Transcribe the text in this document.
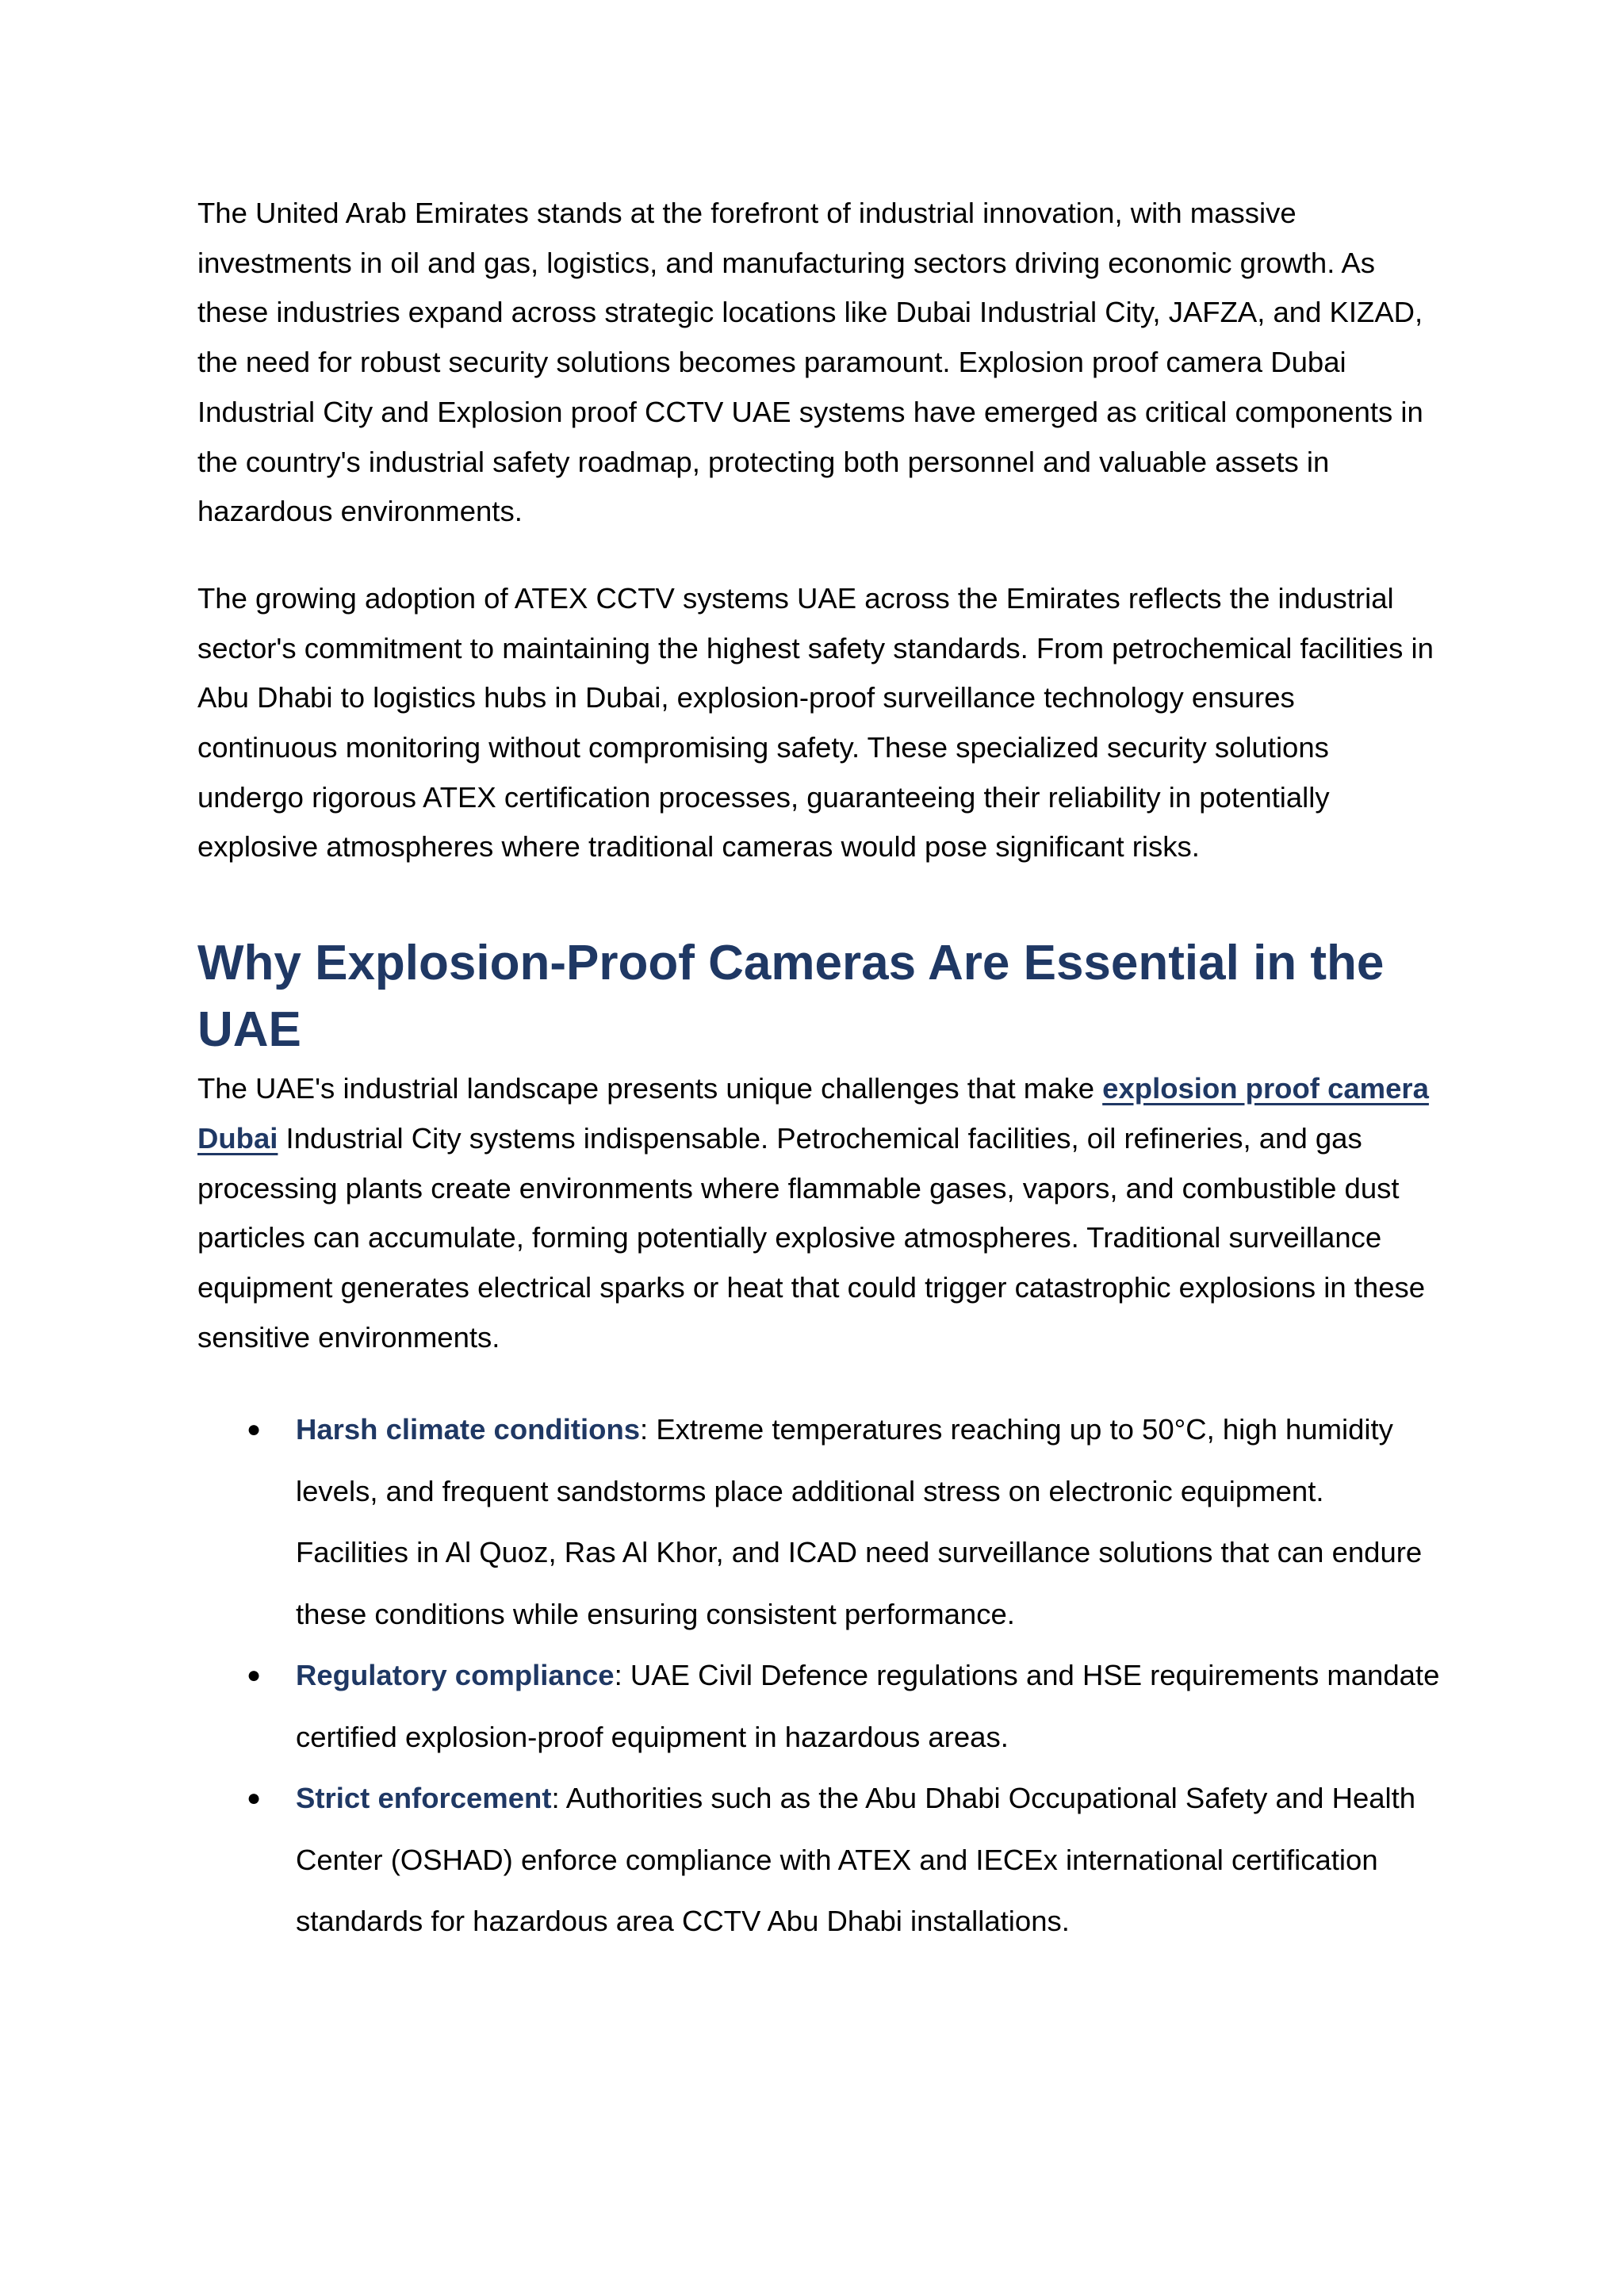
The United Arab Emirates stands at the forefront of industrial innovation, with massive investments in oil and gas, logistics, and manufacturing sectors driving economic growth. As these industries expand across strategic locations like Dubai Industrial City, JAFZA, and KIZAD, the need for robust security solutions becomes paramount. Explosion proof camera Dubai Industrial City and Explosion proof CCTV UAE systems have emerged as critical components in the country's industrial safety roadmap, protecting both personnel and valuable assets in hazardous environments.

The growing adoption of ATEX CCTV systems UAE across the Emirates reflects the industrial sector's commitment to maintaining the highest safety standards. From petrochemical facilities in Abu Dhabi to logistics hubs in Dubai, explosion-proof surveillance technology ensures continuous monitoring without compromising safety. These specialized security solutions undergo rigorous ATEX certification processes, guaranteeing their reliability in potentially explosive atmospheres where traditional cameras would pose significant risks.

Why Explosion-Proof Cameras Are Essential in the UAE

The UAE's industrial landscape presents unique challenges that make explosion proof camera Dubai Industrial City systems indispensable. Petrochemical facilities, oil refineries, and gas processing plants create environments where flammable gases, vapors, and combustible dust particles can accumulate, forming potentially explosive atmospheres. Traditional surveillance equipment generates electrical sparks or heat that could trigger catastrophic explosions in these sensitive environments.

● Harsh climate conditions: Extreme temperatures reaching up to 50°C, high humidity levels, and frequent sandstorms place additional stress on electronic equipment. Facilities in Al Quoz, Ras Al Khor, and ICAD need surveillance solutions that can endure these conditions while ensuring consistent performance.
● Regulatory compliance: UAE Civil Defence regulations and HSE requirements mandate certified explosion-proof equipment in hazardous areas.
● Strict enforcement: Authorities such as the Abu Dhabi Occupational Safety and Health Center (OSHAD) enforce compliance with ATEX and IECEx international certification standards for hazardous area CCTV Abu Dhabi installations.
